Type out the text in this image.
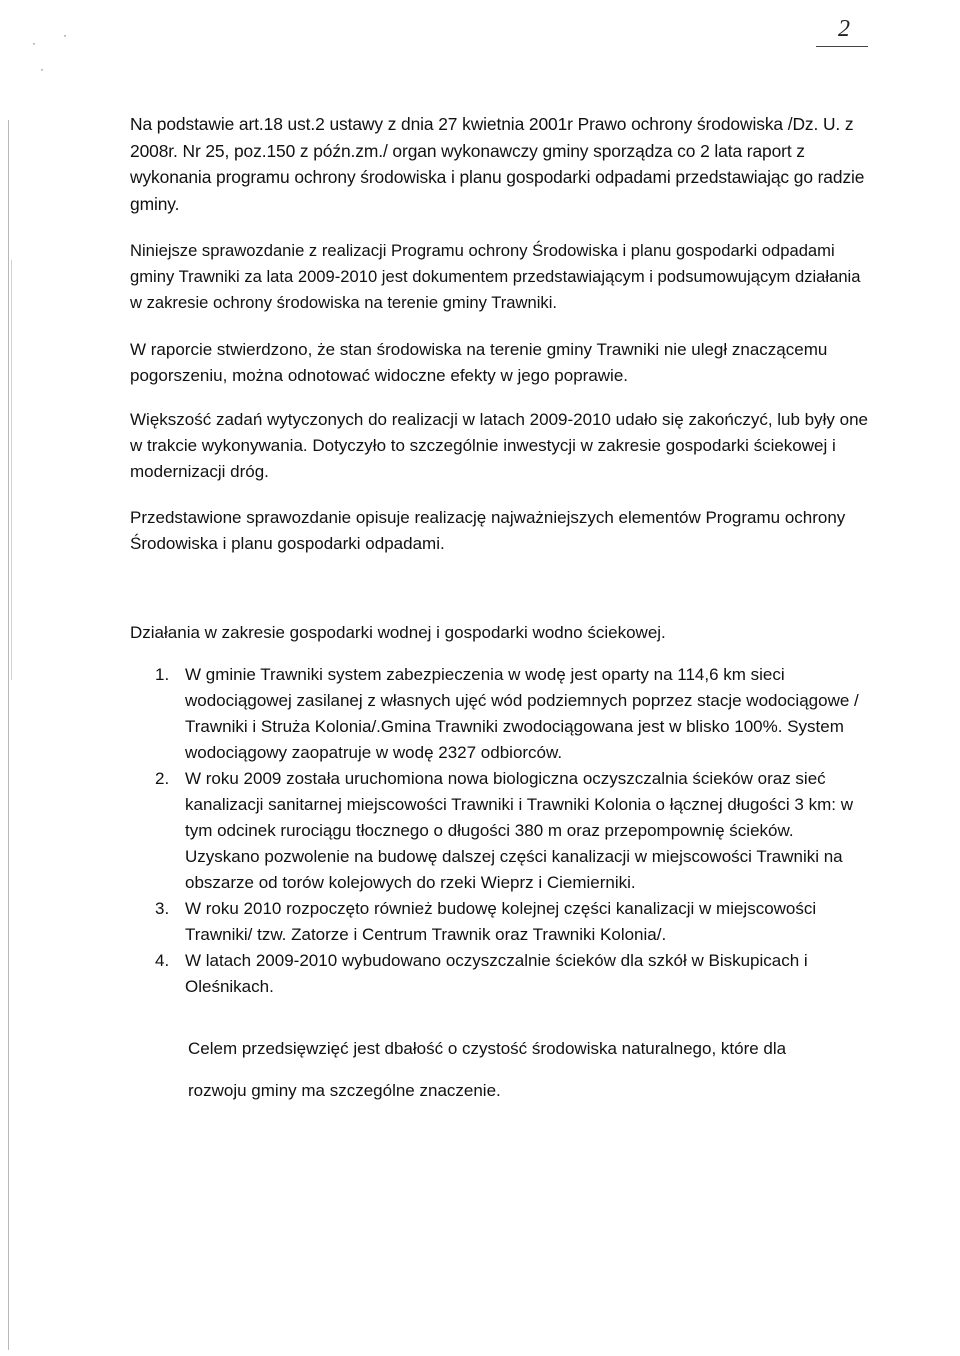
·
·
·
2

Na podstawie art.18 ust.2 ustawy z dnia 27 kwietnia 2001r Prawo ochrony środowiska /Dz. U. z 2008r. Nr 25, poz.150 z późn.zm./ organ wykonawczy gminy sporządza co 2 lata raport z wykonania programu ochrony środowiska i planu gospodarki odpadami przedstawiając go radzie gminy.

Niniejsze sprawozdanie z realizacji Programu ochrony Środowiska i planu gospodarki odpadami gminy Trawniki za lata 2009-2010 jest dokumentem przedstawiającym i podsumowującym działania w zakresie ochrony środowiska na terenie gminy Trawniki.

W raporcie stwierdzono, że stan środowiska na terenie gminy Trawniki nie uległ znaczącemu pogorszeniu, można odnotować widoczne efekty w jego poprawie.

Większość zadań wytyczonych do realizacji w latach 2009-2010 udało się zakończyć, lub były one w trakcie wykonywania. Dotyczyło to szczególnie inwestycji w zakresie gospodarki ściekowej i modernizacji dróg.

Przedstawione sprawozdanie opisuje realizację najważniejszych elementów Programu ochrony Środowiska i planu gospodarki odpadami.

Działania w zakresie gospodarki wodnej i gospodarki wodno ściekowej.
1. W gminie Trawniki system zabezpieczenia w wodę jest oparty na 114,6 km sieci wodociągowej zasilanej z własnych ujęć wód podziemnych poprzez stacje wodociągowe / Trawniki i Strużа Kolonia/.Gmina Trawniki zwodociągowana jest w blisko 100%. System wodociągowy zaopatruje w wodę 2327 odbiorców.
2. W roku 2009 została uruchomiona nowa biologiczna oczyszczalnia ścieków oraz sieć kanalizacji sanitarnej miejscowości Trawniki i Trawniki Kolonia o łącznej długości 3 km: w tym odcinek rurociągu tłocznego o długości 380 m oraz przepompownię ścieków. Uzyskano pozwolenie na budowę dalszej części kanalizacji w miejscowości Trawniki na obszarze od torów kolejowych do rzeki Wieprz i Ciemierniki.
3. W roku 2010 rozpoczęto również budowę kolejnej części kanalizacji w miejscowości Trawniki/ tzw. Zatorze i Centrum Trawnik oraz Trawniki Kolonia/.
4. W latach 2009-2010 wybudowano oczyszczalnie ścieków dla szkół w Biskupicach i Oleśnikach.

Celem przedsięwzięć jest dbałość o czystość środowiska naturalnego, które dla

rozwoju gminy ma szczególne znaczenie.
